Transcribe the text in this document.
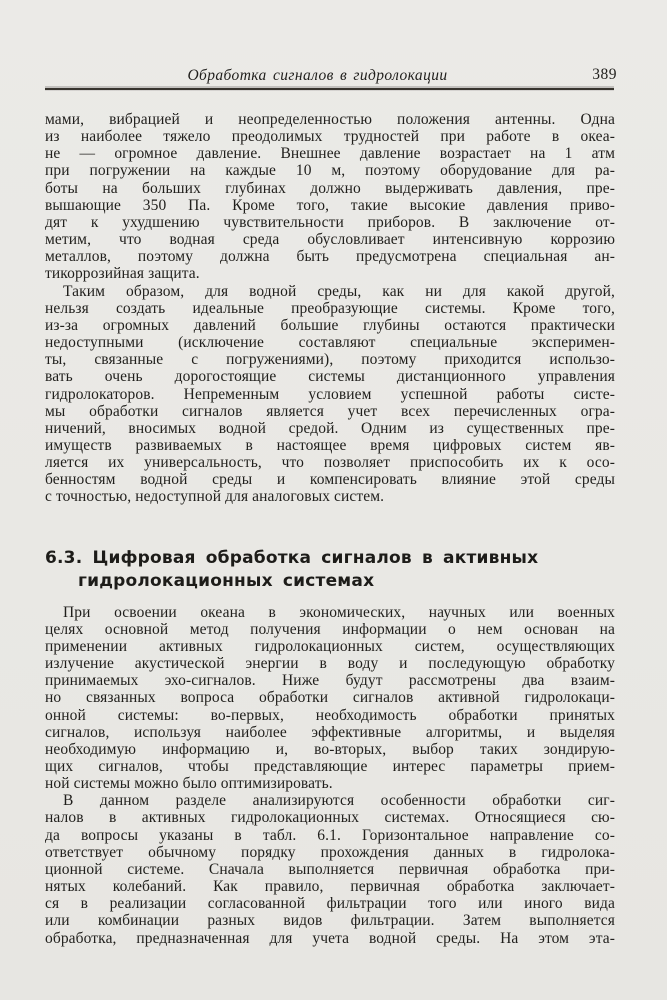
Обработка сигналов в гидролокации	389
мами, вибрацией и неопределенностью положения антенны. Одна
из наиболее тяжело преодолимых трудностей при работе в океа-
не — огромное давление. Внешнее давление возрастает на 1 атм
при погружении на каждые 10 м, поэтому оборудование для ра-
боты на больших глубинах должно выдерживать давления, пре-
вышающие 350 Па. Кроме того, такие высокие давления приво-
дят к ухудшению чувствительности приборов. В заключение от-
метим, что водная среда обусловливает интенсивную коррозию
металлов, поэтому должна быть предусмотрена специальная ан-
тикоррозийная защита.
Таким образом, для водной среды, как ни для какой другой,
нельзя создать идеальные преобразующие системы. Кроме того,
из-за огромных давлений большие глубины остаются практически
недоступными (исключение составляют специальные эксперимен-
ты, связанные с погружениями), поэтому приходится использо-
вать очень дорогостоящие системы дистанционного управления
гидролокаторов. Непременным условием успешной работы систе-
мы обработки сигналов является учет всех перечисленных огра-
ничений, вносимых водной средой. Одним из существенных пре-
имуществ развиваемых в настоящее время цифровых систем яв-
ляется их универсальность, что позволяет приспособить их к осо-
бенностям водной среды и компенсировать влияние этой среды
с точностью, недоступной для аналоговых систем.
6.3. Цифровая обработка сигналов в активных
гидролокационных системах
При освоении океана в экономических, научных или военных
целях основной метод получения информации о нем основан на
применении активных гидролокационных систем, осуществляющих
излучение акустической энергии в воду и последующую обработку
принимаемых эхо-сигналов. Ниже будут рассмотрены два взаим-
но связанных вопроса обработки сигналов активной гидролокаци-
онной системы: во-первых, необходимость обработки принятых
сигналов, используя наиболее эффективные алгоритмы, и выделяя
необходимую информацию и, во-вторых, выбор таких зондирую-
щих сигналов, чтобы представляющие интерес параметры прием-
ной системы можно было оптимизировать.
В данном разделе анализируются особенности обработки сиг-
налов в активных гидролокационных системах. Относящиеся сю-
да вопросы указаны в табл. 6.1. Горизонтальное направление со-
ответствует обычному порядку прохождения данных в гидролока-
ционной системе. Сначала выполняется первичная обработка при-
нятых колебаний. Как правило, первичная обработка заключает-
ся в реализации согласованной фильтрации того или иного вида
или комбинации разных видов фильтрации. Затем выполняется
обработка, предназначенная для учета водной среды. На этом эта-
